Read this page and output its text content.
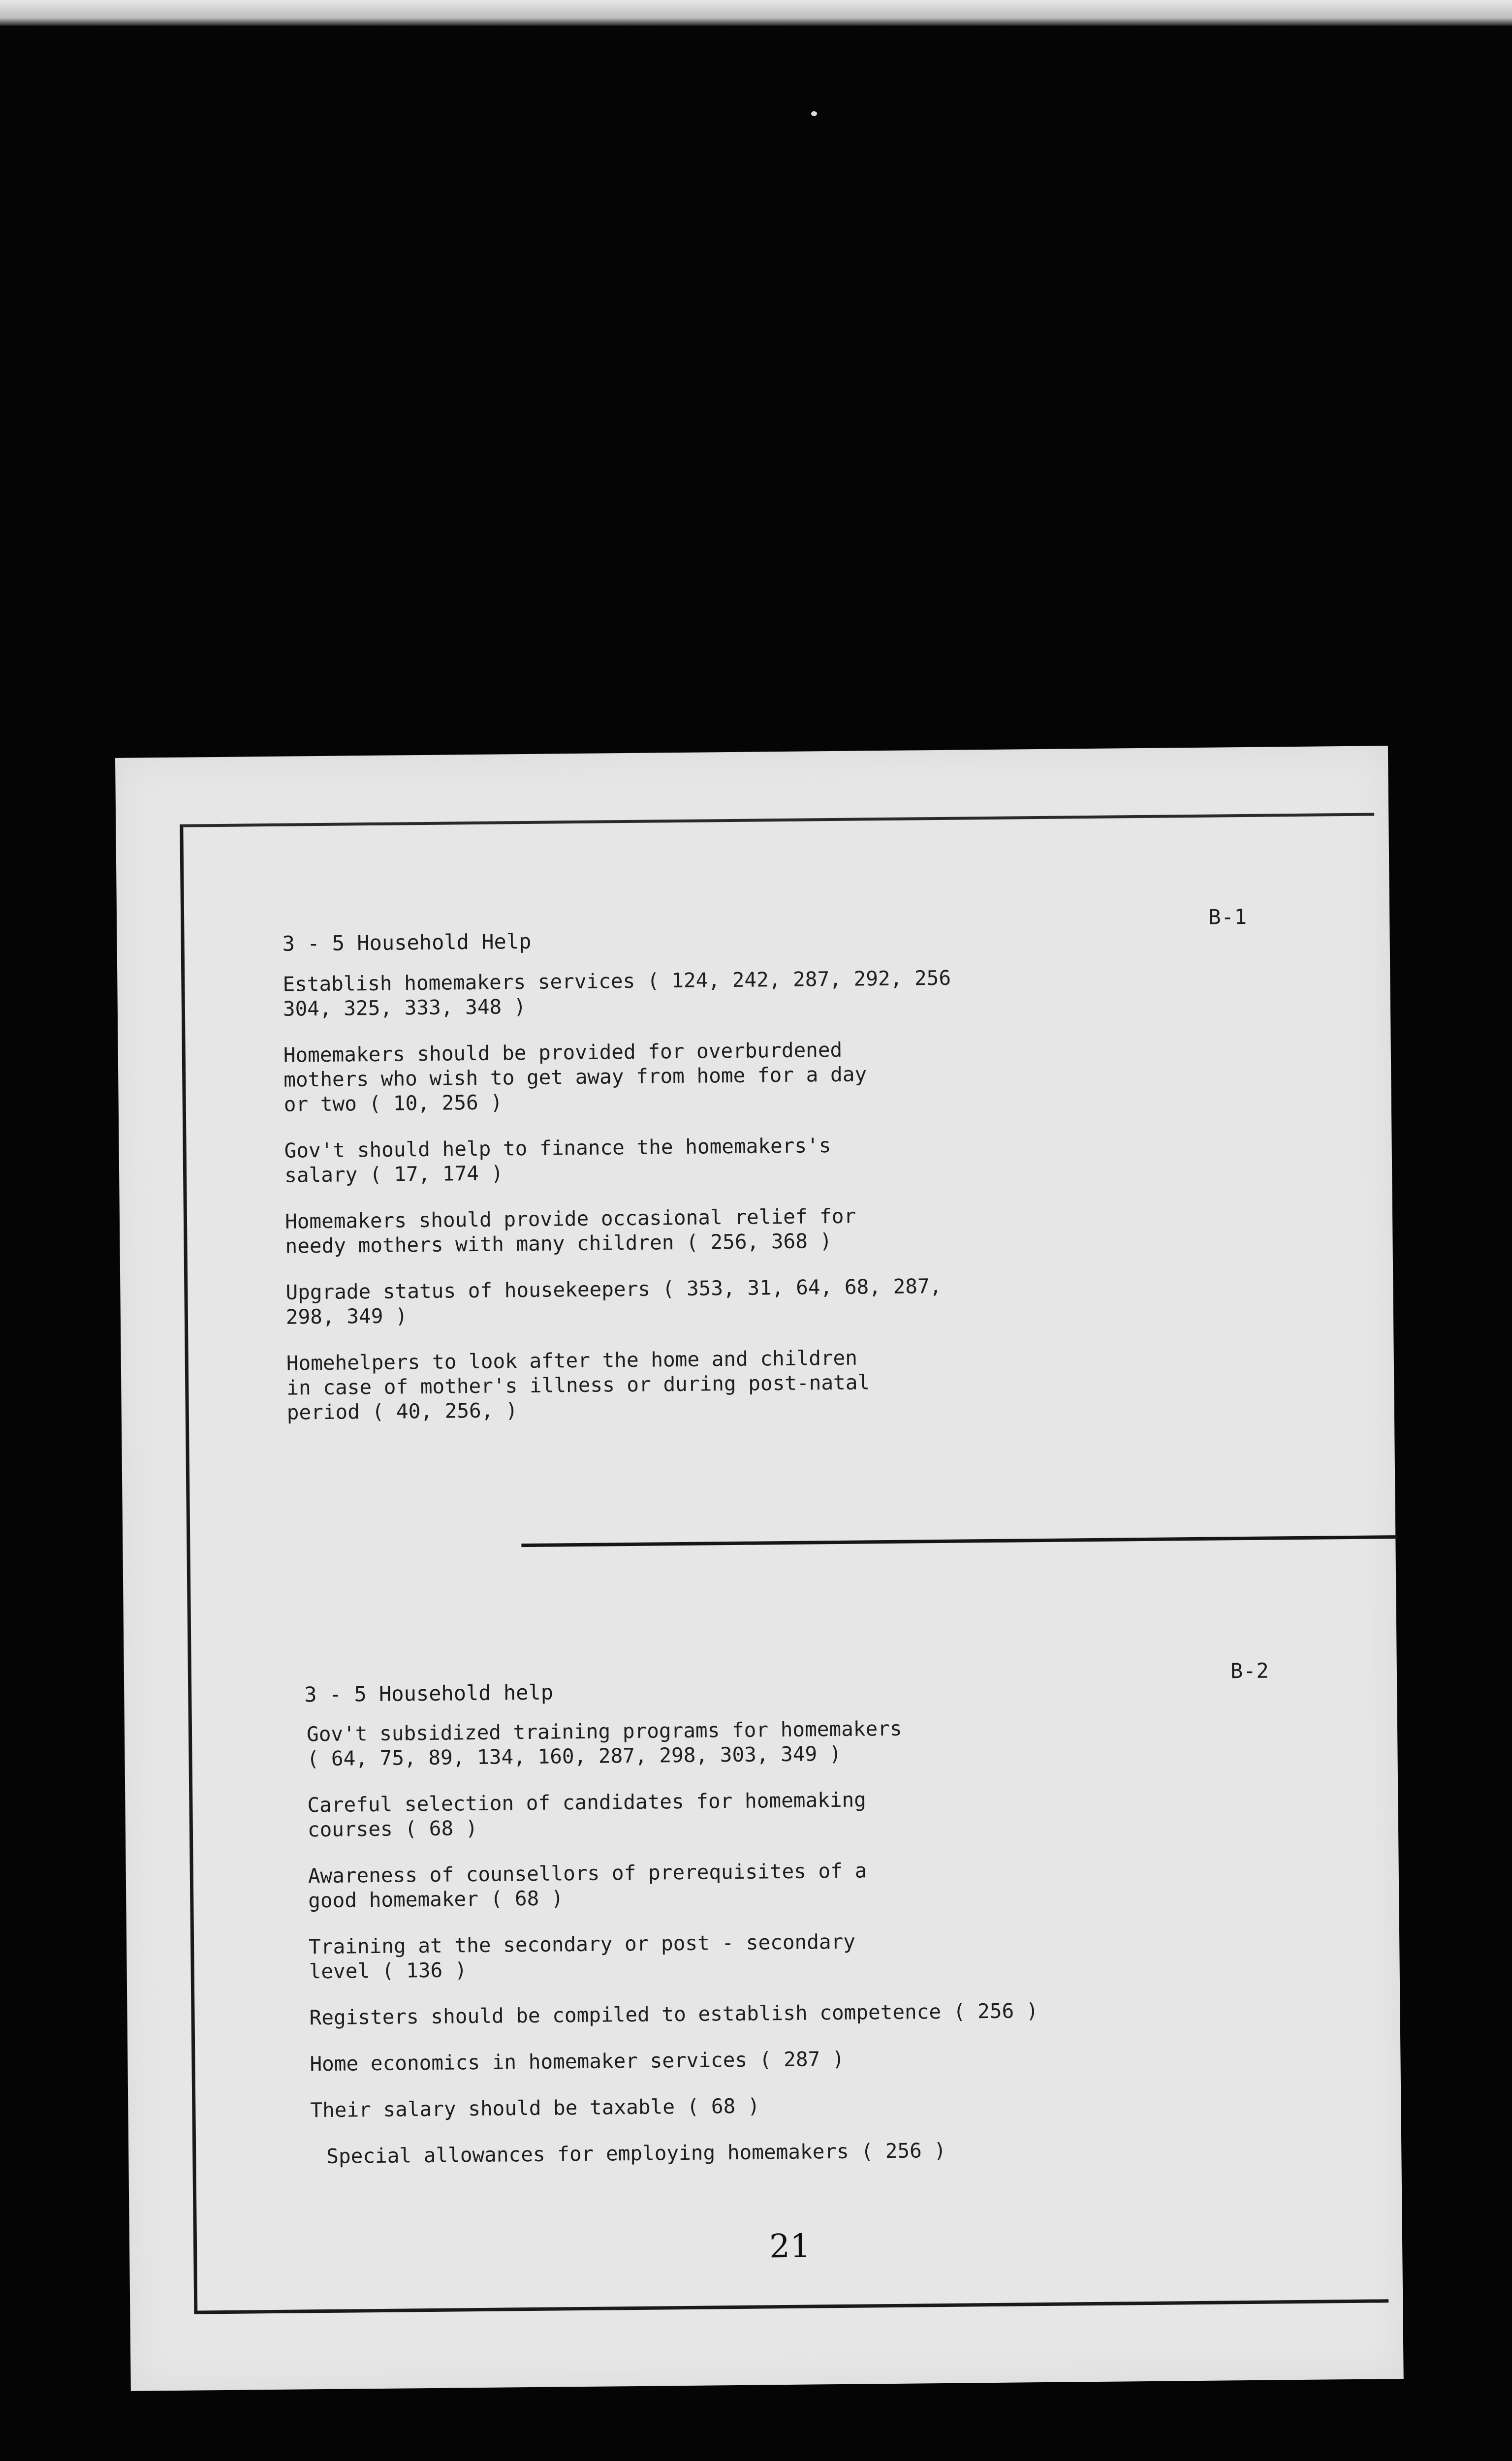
B-1
3 - 5 Household Help
Establish homemakers services ( 124, 242, 287, 292, 256
304, 325, 333, 348 )
Homemakers should be provided for overburdened
mothers who wish to get away from home for a day
or two ( 10, 256 )
Gov't should help to finance the homemakers's
salary ( 17, 174 )
Homemakers should provide occasional relief for
needy mothers with many children ( 256, 368 )
Upgrade status of housekeepers ( 353, 31, 64, 68, 287,
298, 349 )
Homehelpers to look after the home and children
in case of mother's illness or during post-natal
period ( 40, 256, )
B-2
3 - 5 Household help
Gov't subsidized training programs for homemakers
( 64, 75, 89, 134, 160, 287, 298, 303, 349 )
Careful selection of candidates for homemaking
courses ( 68 )
Awareness of counsellors of prerequisites of a
good homemaker ( 68 )
Training at the secondary or post - secondary
level ( 136 )
Registers should be compiled to establish competence ( 256 )
Home economics in homemaker services ( 287 )
Their salary should be taxable ( 68 )
Special allowances for employing homemakers ( 256 )
21
